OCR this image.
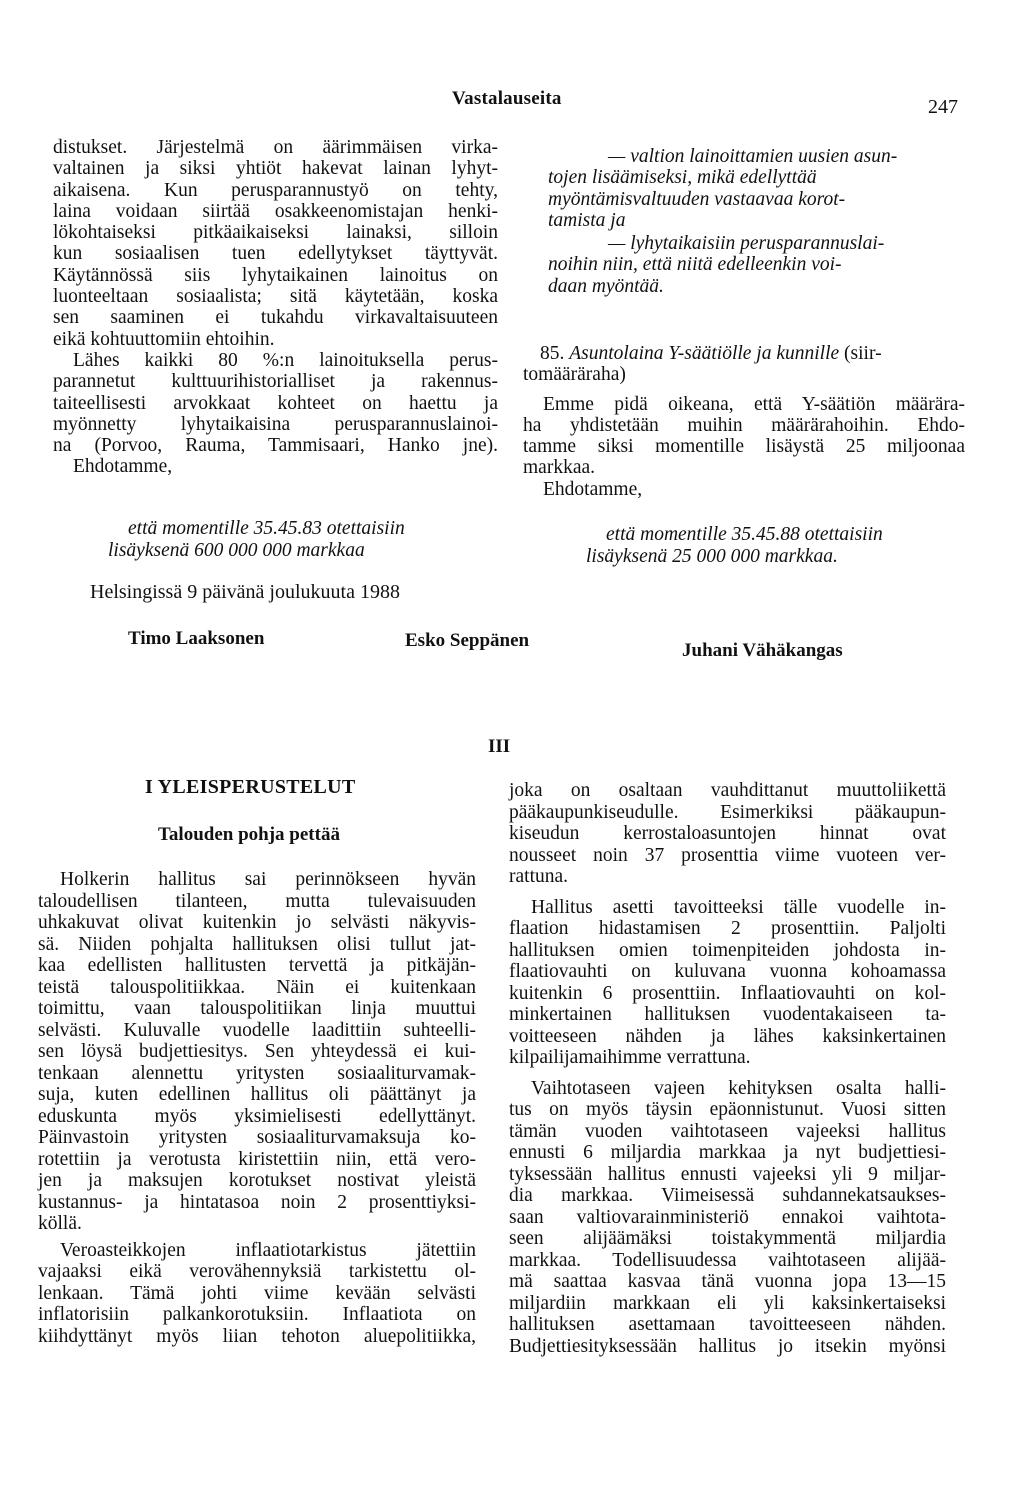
Vastalauseita	247
distukset. Järjestelmä on äärimmäisen virka-
valtainen ja siksi yhtiöt hakevat lainan lyhyt-
aikaisena. Kun perusparannustyö on tehty,
laina voidaan siirtää osakkeenomistajan henki-
lökohtaiseksi pitkäaikaiseksi lainaksi, silloin
kun sosiaalisen tuen edellytykset täyttyvät.
Käytännössä siis lyhytaikainen lainoitus on
luonteeltaan sosiaalista; sitä käytetään, koska
sen saaminen ei tukahdu virkavaltaisuuteen
eikä kohtuuttomiin ehtoihin.
Lähes kaikki 80 %:n lainoituksella perus-
parannetut kulttuurihistorialliset ja rakennus-
taiteellisesti arvokkaat kohteet on haettu ja
myönnetty lyhytaikaisina perusparannuslainoi-
na (Porvoo, Rauma, Tammisaari, Hanko jne).
Ehdotamme,
että momentille 35.45.83 otettaisiin
lisäyksenä 600 000 000 markkaa
— valtion lainoittamien uusien asun-
tojen lisäämiseksi, mikä edellyttää
myöntämisvaltuuden vastaavaa korot-
tamista ja
— lyhytaikaisiin perusparannuslai-
noihin niin, että niitä edelleenkin voi-
daan myöntää.
85. Asuntolaina Y-säätiölle ja kunnille (siir-
tomääräraha)
Emme pidä oikeana, että Y-säätiön määrära-
ha yhdistetään muihin määrärahoihin. Ehdo-
tamme siksi momentille lisäystä 25 miljoonaa
markkaa.
Ehdotamme,
että momentille 35.45.88 otettaisiin
lisäyksenä 25 000 000 markkaa.
Helsingissä 9 päivänä joulukuuta 1988
Timo Laaksonen	Esko Seppänen	Juhani Vähäkangas
III
I YLEISPERUSTELUT
Talouden pohja pettää
Holkerin hallitus sai perinnökseen hyvän
taloudellisen tilanteen, mutta tulevaisuuden
uhkakuvat olivat kuitenkin jo selvästi näkyvis-
sä. Niiden pohjalta hallituksen olisi tullut jat-
kaa edellisten hallitusten tervettä ja pitkäjän-
teistä talouspolitiikkaa. Näin ei kuitenkaan
toimittu, vaan talouspolitiikan linja muuttui
selvästi. Kuluvalle vuodelle laadittiin suhteelli-
sen löysä budjettiesitys. Sen yhteydessä ei kui-
tenkaan alennettu yritysten sosiaaliturvamak-
suja, kuten edellinen hallitus oli päättänyt ja
eduskunta myös yksimielisesti edellyttänyt.
Päinvastoin yritysten sosiaaliturvamaksuja ko-
rotettiin ja verotusta kiristettiin niin, että vero-
jen ja maksujen korotukset nostivat yleistä
kustannus- ja hintatasoa noin 2 prosenttiyksi-
köllä.
Veroasteikkojen inflaatiotarkistus jätettiin
vajaaksi eikä verovähennyksiä tarkistettu ol-
lenkaan. Tämä johti viime kevään selvästi
inflatorisiin palkankorotuksiin. Inflaatiota on
kiihdyttänyt myös liian tehoton aluepolitiikka,
joka on osaltaan vauhdittanut muuttoliikettä
pääkaupunkiseudulle. Esimerkiksi pääkaupun-
kiseudun kerrostaloasuntojen hinnat ovat
nousseet noin 37 prosenttia viime vuoteen ver-
rattuna.
Hallitus asetti tavoitteeksi tälle vuodelle in-
flaation hidastamisen 2 prosenttiin. Paljolti
hallituksen omien toimenpiteiden johdosta in-
flaatiovauhti on kuluvana vuonna kohoamassa
kuitenkin 6 prosenttiin. Inflaatiovauhti on kol-
minkertainen hallituksen vuodentakaiseen ta-
voitteeseen nähden ja lähes kaksinkertainen
kilpailijamaihimme verrattuna.
Vaihtotaseen vajeen kehityksen osalta halli-
tus on myös täysin epäonnistunut. Vuosi sitten
tämän vuoden vaihtotaseen vajeeksi hallitus
ennusti 6 miljardia markkaa ja nyt budjettiesi-
tyksessään hallitus ennusti vajeeksi yli 9 miljar-
dia markkaa. Viimeisessä suhdannekatsaukses-
saan valtiovarainministeriö ennakoi vaihtota-
seen alijäämäksi toistakymmentä miljardia
markkaa. Todellisuudessa vaihtotaseen alijää-
mä saattaa kasvaa tänä vuonna jopa 13—15
miljardiin markkaan eli yli kaksinkertaiseksi
hallituksen asettamaan tavoitteeseen nähden.
Budjettiesityksessään hallitus jo itsekin myönsi
